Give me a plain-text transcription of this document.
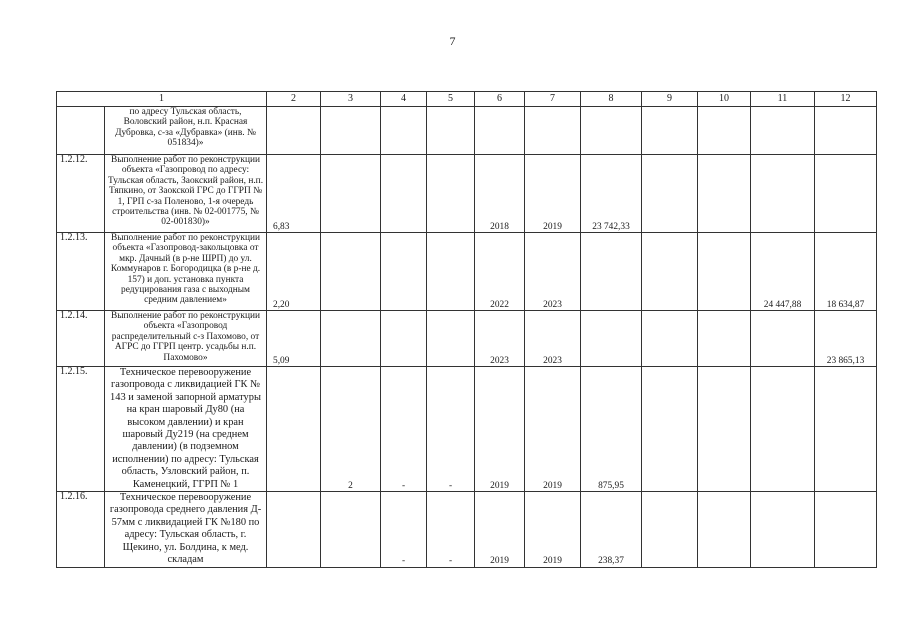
7
1		2	3	4	5	6	7	8	9	10	11	12
	по адресу Тульская область, Воловский район, н.п. Красная Дубровка, с-за «Дубравка» (инв. № 051834)»											
1.2.12.	Выполнение работ по реконструкции объекта «Газопровод по адресу: Тульская область, Заокский район, н.п. Тяпкино, от Заокской ГРС до ГГРП № 1, ГРП с-за Поленово, 1-я очередь строительства (инв. № 02-001775, № 02-001830)»	6,83				2018	2019	23 742,33				
1.2.13.	Выполнение работ по реконструкции объекта «Газопровод-закольцовка от мкр. Дачный (в р-не ШРП) до ул. Коммунаров г. Богородицка (в р-не д. 157) и доп. установка пункта редуцирования газа с выходным средним давлением»	2,20				2022	2023				24 447,88	18 634,87
1.2.14.	Выполнение работ по реконструкции объекта «Газопровод распределительный с-з Пахомово, от АГРС до ГГРП центр. усадьбы н.п. Пахомово»	5,09				2023	2023					23 865,13
1.2.15.	Техническое перевооружение газопровода с ликвидацией ГК № 143 и заменой запорной арматуры на кран шаровый Ду80 (на высоком давлении) и кран шаровый Ду219 (на среднем давлении) (в подземном исполнении) по адресу: Тульская область, Узловский район, п. Каменецкий, ГГРП № 1		2	-	-	2019	2019	875,95				
1.2.16.	Техническое перевооружение газопровода среднего давления Д- 57мм с ликвидацией ГК №180 по адресу: Тульская область, г. Щекино, ул. Болдина, к мед. складам			-	-	2019	2019	238,37				
